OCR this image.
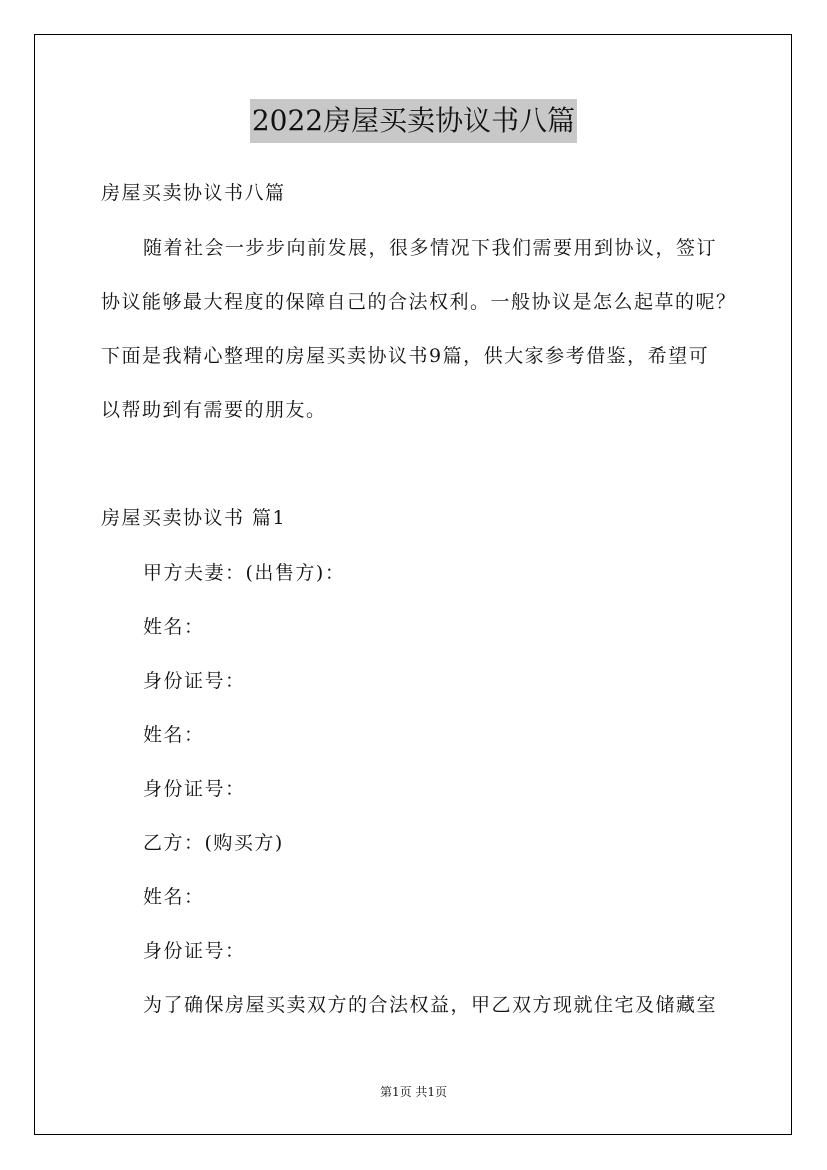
2022房屋买卖协议书八篇
房屋买卖协议书八篇
随着社会一步步向前发展，很多情况下我们需要用到协议，签订
协议能够最大程度的保障自己的合法权利。一般协议是怎么起草的呢？
下面是我精心整理的房屋买卖协议书9篇，供大家参考借鉴，希望可
以帮助到有需要的朋友。
房屋买卖协议书 篇1
甲方夫妻：(出售方)：
姓名：
身份证号：
姓名：
身份证号：
乙方：(购买方)
姓名：
身份证号：
为了确保房屋买卖双方的合法权益，甲乙双方现就住宅及储藏室
第1页 共1页
